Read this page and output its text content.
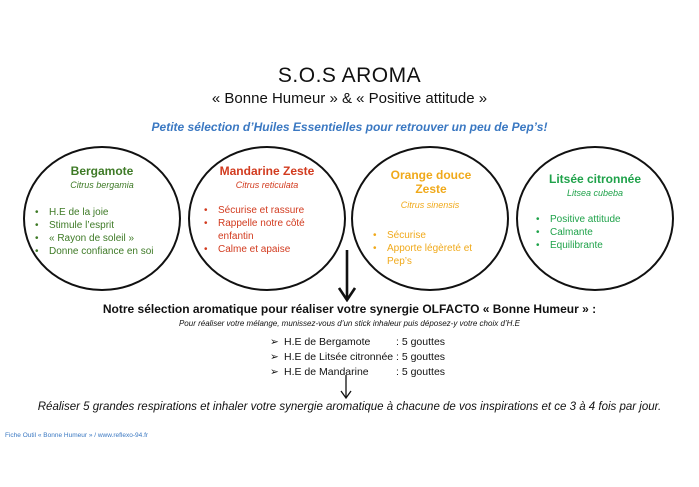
S.O.S AROMA
« Bonne Humeur » & « Positive attitude »
Petite sélection d’Huiles Essentielles pour retrouver un peu de Pep’s!
Bergamote
Citrus bergamia
• H.E de la joie
• Stimule l’esprit
• « Rayon de soleil »
• Donne confiance en soi
Mandarine Zeste
Citrus reticulata
• Sécurise et rassure
• Rappelle notre côté enfantin
• Calme et apaise
Orange douce Zeste
Citrus sinensis
• Sécurise
• Apporte légèreté et Pep’s
Litsée citronnée
Litsea cubeba
• Positive attitude
• Calmante
• Equilibrante
Notre sélection aromatique pour réaliser votre synergie OLFACTO « Bonne Humeur » :
Pour réaliser votre mélange, munissez-vous d’un stick inhaleur puis déposez-y votre choix d’H.E
➢ H.E de Bergamote	: 5 gouttes
➢ H.E de Litsée citronnée : 5 gouttes
➢ H.E de Mandarine	: 5 gouttes
Réaliser 5 grandes respirations et inhaler votre synergie aromatique à chacune de vos inspirations et ce 3 à 4 fois par jour.
Fiche Outil « Bonne Humeur » / www.reflexo-94.fr
